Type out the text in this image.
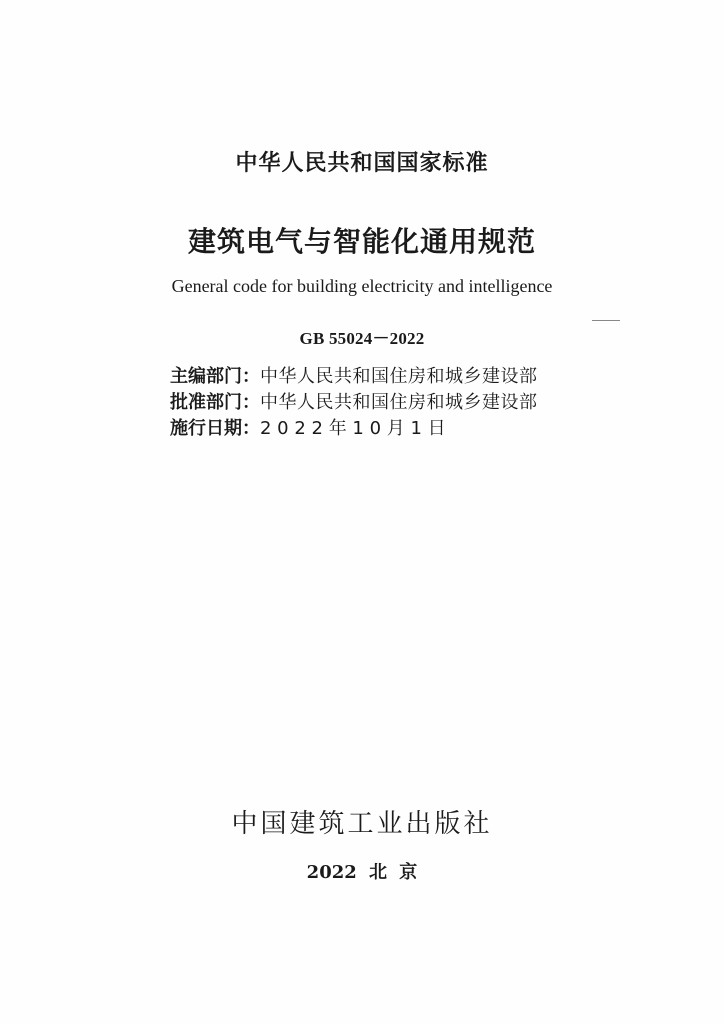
中华人民共和国国家标准
建筑电气与智能化通用规范
General code for building electricity and intelligence
GB 55024－2022
主编部门：中华人民共和国住房和城乡建设部
批准部门：中华人民共和国住房和城乡建设部
施行日期：2 0 2 2 年 1 0 月 1 日
中国建筑工业出版社
2022 北 京
